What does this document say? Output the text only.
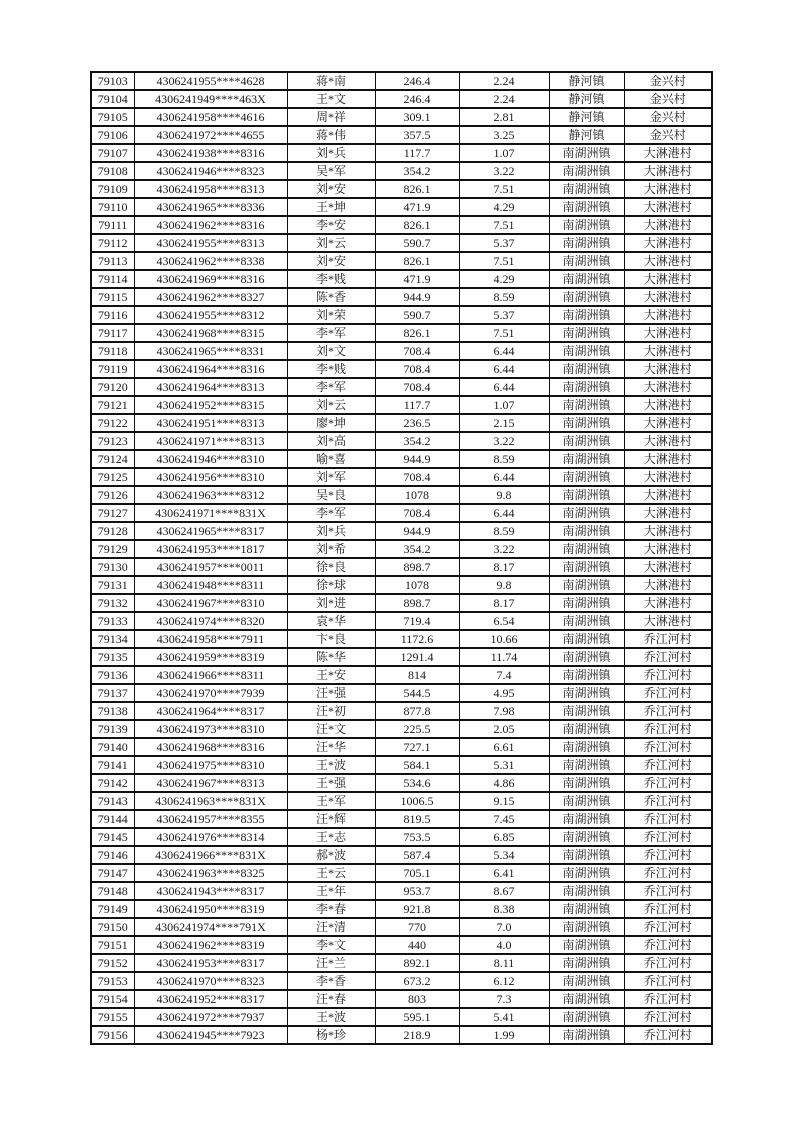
79103	4306241955****4628	蒋*南	246.4	2.24	静河镇	金兴村
79104	4306241949****463X	王*文	246.4	2.24	静河镇	金兴村
79105	4306241958****4616	周*祥	309.1	2.81	静河镇	金兴村
79106	4306241972****4655	蒋*伟	357.5	3.25	静河镇	金兴村
79107	4306241938****8316	刘*兵	117.7	1.07	南湖洲镇	大淋港村
79108	4306241946****8323	吴*军	354.2	3.22	南湖洲镇	大淋港村
79109	4306241958****8313	刘*安	826.1	7.51	南湖洲镇	大淋港村
79110	4306241965****8336	王*坤	471.9	4.29	南湖洲镇	大淋港村
79111	4306241962****8316	李*安	826.1	7.51	南湖洲镇	大淋港村
79112	4306241955****8313	刘*云	590.7	5.37	南湖洲镇	大淋港村
79113	4306241962****8338	刘*安	826.1	7.51	南湖洲镇	大淋港村
79114	4306241969****8316	李*贱	471.9	4.29	南湖洲镇	大淋港村
79115	4306241962****8327	陈*香	944.9	8.59	南湖洲镇	大淋港村
79116	4306241955****8312	刘*荣	590.7	5.37	南湖洲镇	大淋港村
79117	4306241968****8315	李*军	826.1	7.51	南湖洲镇	大淋港村
79118	4306241965****8331	刘*文	708.4	6.44	南湖洲镇	大淋港村
79119	4306241964****8316	李*贱	708.4	6.44	南湖洲镇	大淋港村
79120	4306241964****8313	李*军	708.4	6.44	南湖洲镇	大淋港村
79121	4306241952****8315	刘*云	117.7	1.07	南湖洲镇	大淋港村
79122	4306241951****8313	廖*坤	236.5	2.15	南湖洲镇	大淋港村
79123	4306241971****8313	刘*高	354.2	3.22	南湖洲镇	大淋港村
79124	4306241946****8310	喻*喜	944.9	8.59	南湖洲镇	大淋港村
79125	4306241956****8310	刘*军	708.4	6.44	南湖洲镇	大淋港村
79126	4306241963****8312	吴*良	1078	9.8	南湖洲镇	大淋港村
79127	4306241971****831X	李*军	708.4	6.44	南湖洲镇	大淋港村
79128	4306241965****8317	刘*兵	944.9	8.59	南湖洲镇	大淋港村
79129	4306241953****1817	刘*希	354.2	3.22	南湖洲镇	大淋港村
79130	4306241957****0011	徐*良	898.7	8.17	南湖洲镇	大淋港村
79131	4306241948****8311	徐*球	1078	9.8	南湖洲镇	大淋港村
79132	4306241967****8310	刘*进	898.7	8.17	南湖洲镇	大淋港村
79133	4306241974****8320	袁*华	719.4	6.54	南湖洲镇	大淋港村
79134	4306241958****7911	卞*良	1172.6	10.66	南湖洲镇	乔江河村
79135	4306241959****8319	陈*华	1291.4	11.74	南湖洲镇	乔江河村
79136	4306241966****8311	王*安	814	7.4	南湖洲镇	乔江河村
79137	4306241970****7939	汪*强	544.5	4.95	南湖洲镇	乔江河村
79138	4306241964****8317	汪*初	877.8	7.98	南湖洲镇	乔江河村
79139	4306241973****8310	汪*文	225.5	2.05	南湖洲镇	乔江河村
79140	4306241968****8316	汪*华	727.1	6.61	南湖洲镇	乔江河村
79141	4306241975****8310	王*波	584.1	5.31	南湖洲镇	乔江河村
79142	4306241967****8313	王*强	534.6	4.86	南湖洲镇	乔江河村
79143	4306241963****831X	王*军	1006.5	9.15	南湖洲镇	乔江河村
79144	4306241957****8355	汪*辉	819.5	7.45	南湖洲镇	乔江河村
79145	4306241976****8314	王*志	753.5	6.85	南湖洲镇	乔江河村
79146	4306241966****831X	郝*波	587.4	5.34	南湖洲镇	乔江河村
79147	4306241963****8325	王*云	705.1	6.41	南湖洲镇	乔江河村
79148	4306241943****8317	王*年	953.7	8.67	南湖洲镇	乔江河村
79149	4306241950****8319	李*春	921.8	8.38	南湖洲镇	乔江河村
79150	4306241974****791X	汪*清	770	7.0	南湖洲镇	乔江河村
79151	4306241962****8319	李*文	440	4.0	南湖洲镇	乔江河村
79152	4306241953****8317	汪*兰	892.1	8.11	南湖洲镇	乔江河村
79153	4306241970****8323	李*香	673.2	6.12	南湖洲镇	乔江河村
79154	4306241952****8317	汪*春	803	7.3	南湖洲镇	乔江河村
79155	4306241972****7937	王*波	595.1	5.41	南湖洲镇	乔江河村
79156	4306241945****7923	杨*珍	218.9	1.99	南湖洲镇	乔江河村
